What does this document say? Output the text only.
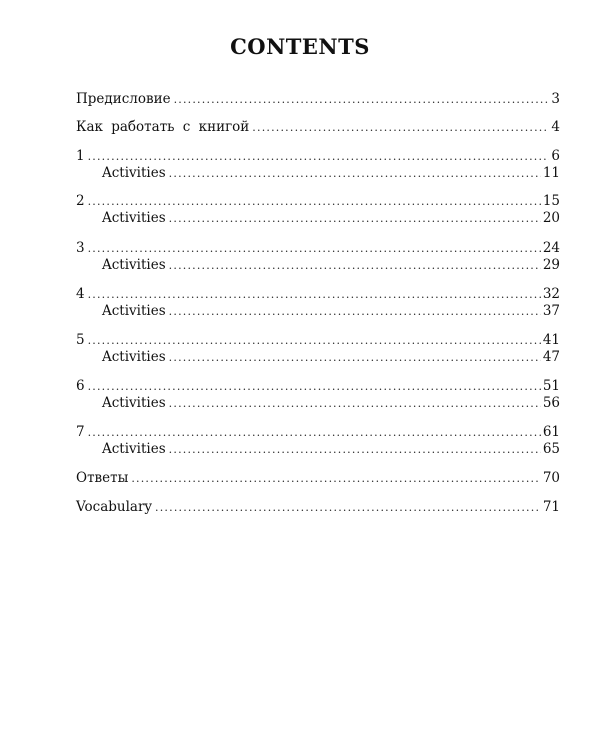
CONTENTS
Предисловие .....	3
Как работать с книгой .....	4
1 .....	6
Activities .....	11
2 .....	15
Activities .....	20
3 .....	24
Activities .....	29
4 .....	32
Activities .....	37
5 .....	41
Activities .....	47
6 .....	51
Activities .....	56
7 .....	61
Activities .....	65
Ответы .....	70
Vocabulary .....	71
